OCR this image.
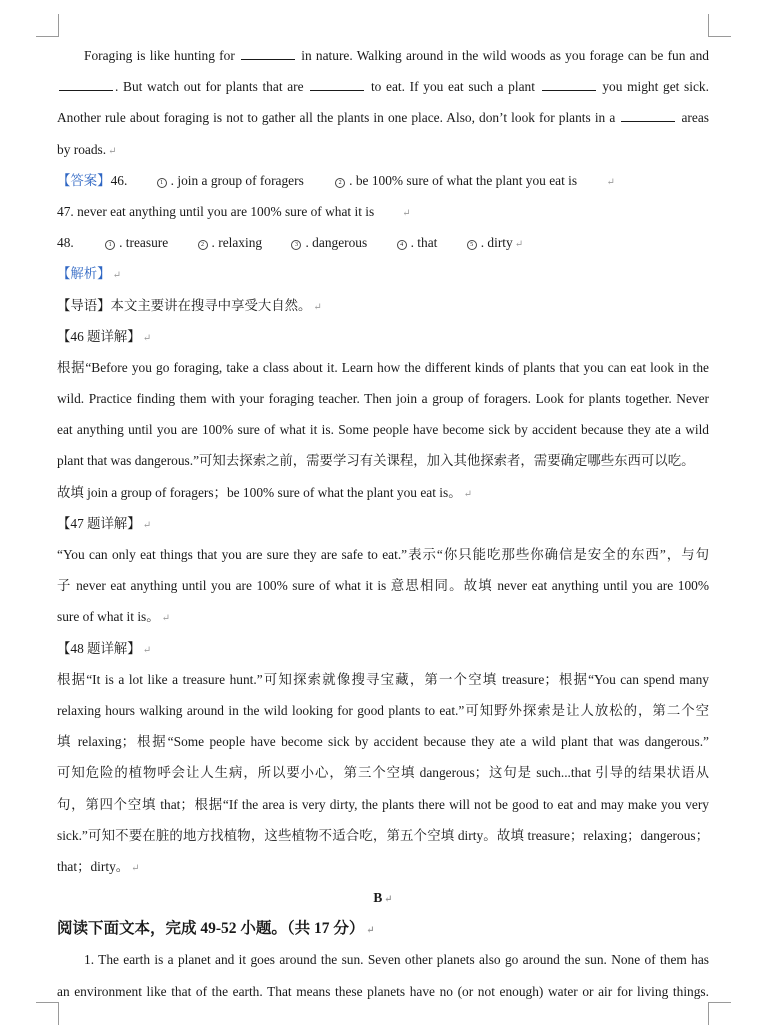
Foraging is like hunting for	in nature. Walking around in the wild woods as you forage can be fun and
. But watch out for plants that are	to eat. If you eat such a plant	you might get sick.
Another rule about foraging is not to gather all the plants in one place. Also, don’t look for plants in a	areas
by roads. ↵
【答案】46.	1 . join a group of foragers	2 . be 100% sure of what the plant you eat is	↵
47. never eat anything until you are 100% sure of what it is	↵
48.	1 . treasure	2 . relaxing	3 . dangerous	4 . that	5 . dirty ↵
【解析】 ↵
【导语】本文主要讲在搜寻中享受大自然。 ↵
【46 题详解】 ↵
根据“Before you go foraging, take a class about it. Learn how the different kinds of plants that you can eat look in the
wild. Practice finding them with your foraging teacher. Then join a group of foragers. Look for plants together. Never
eat anything until you are 100% sure of what it is. Some people have become sick by accident because they ate a wild
plant that was dangerous.”可知去探索之前，需要学习有关课程，加入其他探索者，需要确定哪些东西可以吃。
故填 join a group of foragers；be 100% sure of what the plant you eat is。 ↵
【47 题详解】 ↵
“You can only eat things that you are sure they are safe to eat.”表示“你只能吃那些你确信是安全的东西”，与句
子 never eat anything until you are 100% sure of what it is 意思相同。故填 never eat anything until you are 100%
sure of what it is。 ↵
【48 题详解】 ↵
根据“It is a lot like a treasure hunt.”可知探索就像搜寻宝藏，第一个空填 treasure；根据“You can spend many
relaxing hours walking around in the wild looking for good plants to eat.”可知野外探索是让人放松的，第二个空
填 relaxing；根据“Some people have become sick by accident because they ate a wild plant that was dangerous.”
可知危险的植物呼会让人生病，所以要小心，第三个空填 dangerous；这句是 such...that 引导的结果状语从
句，第四个空填 that；根据“If the area is very dirty, the plants there will not be good to eat and may make you very
sick.”可知不要在脏的地方找植物，这些植物不适合吃，第五个空填 dirty。故填 treasure；relaxing；dangerous；
that；dirty。 ↵
B ↵
阅读下面文本，完成 49-52 小题。（共 17 分） ↵
1. The earth is a planet and it goes around the sun. Seven other planets also go around the sun. None of them has
an environment like that of the earth. That means these planets have no (or not enough) water or air for living things.
